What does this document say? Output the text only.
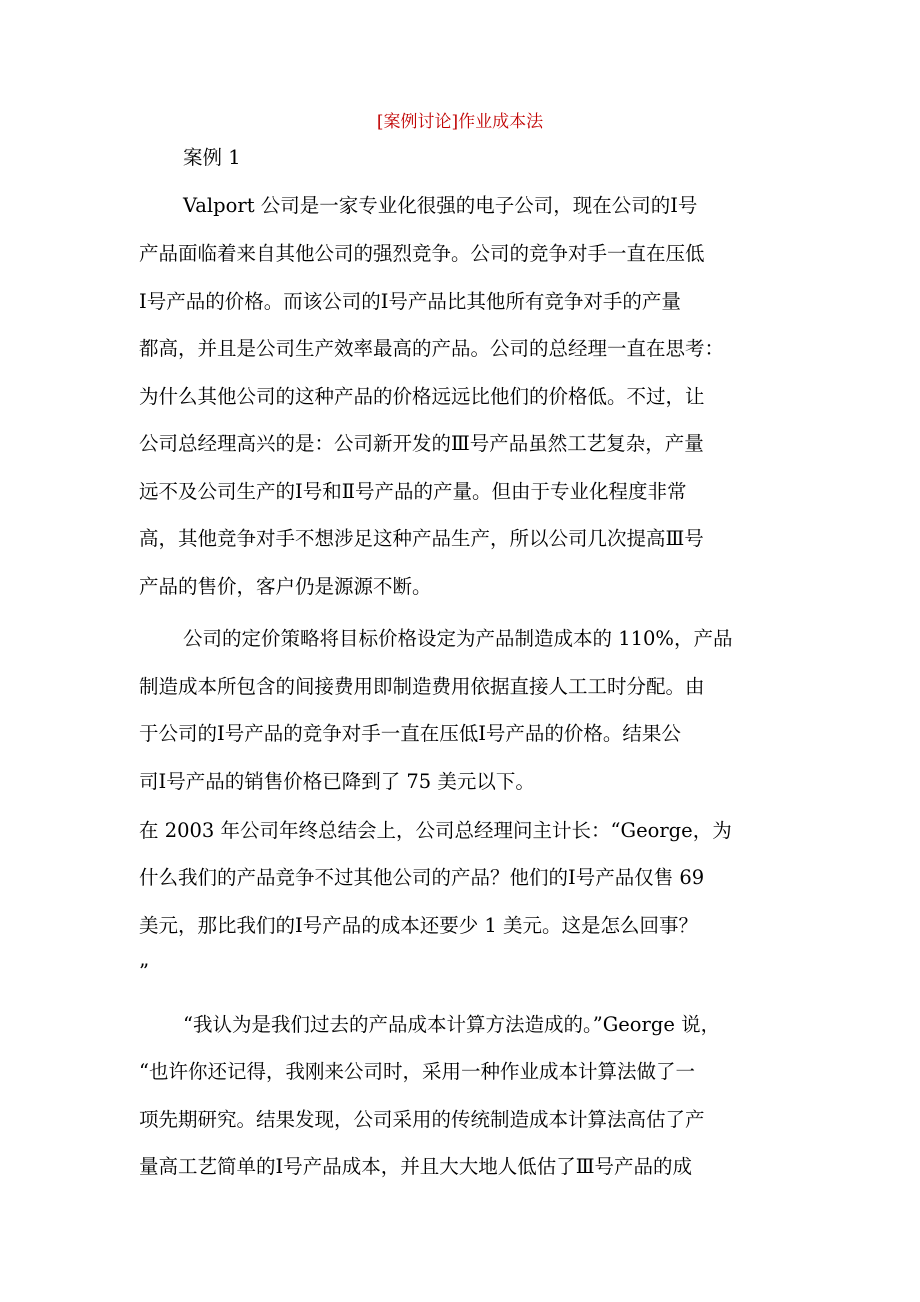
[案例讨论]作业成本法
案例 1
Valport 公司是一家专业化很强的电子公司，现在公司的Ⅰ号
产品面临着来自其他公司的强烈竞争。公司的竞争对手一直在压低
Ⅰ号产品的价格。而该公司的Ⅰ号产品比其他所有竞争对手的产量
都高，并且是公司生产效率最高的产品。公司的总经理一直在思考：
为什么其他公司的这种产品的价格远远比他们的价格低。不过，让
公司总经理高兴的是：公司新开发的Ⅲ号产品虽然工艺复杂，产量
远不及公司生产的Ⅰ号和Ⅱ号产品的产量。但由于专业化程度非常
高，其他竞争对手不想涉足这种产品生产，所以公司几次提高Ⅲ号
产品的售价，客户仍是源源不断。
公司的定价策略将目标价格设定为产品制造成本的 110%，产品
制造成本所包含的间接费用即制造费用依据直接人工工时分配。由
于公司的Ⅰ号产品的竞争对手一直在压低Ⅰ号产品的价格。结果公
司Ⅰ号产品的销售价格已降到了 75 美元以下。
在 2003 年公司年终总结会上，公司总经理问主计长：“George，为
什么我们的产品竞争不过其他公司的产品？他们的Ⅰ号产品仅售 69
美元，那比我们的Ⅰ号产品的成本还要少 1 美元。这是怎么回事？
”
“我认为是我们过去的产品成本计算方法造成的。”George 说，
“也许你还记得，我刚来公司时，采用一种作业成本计算法做了一
项先期研究。结果发现，公司采用的传统制造成本计算法高估了产
量高工艺简单的Ⅰ号产品成本，并且大大地人低估了Ⅲ号产品的成
